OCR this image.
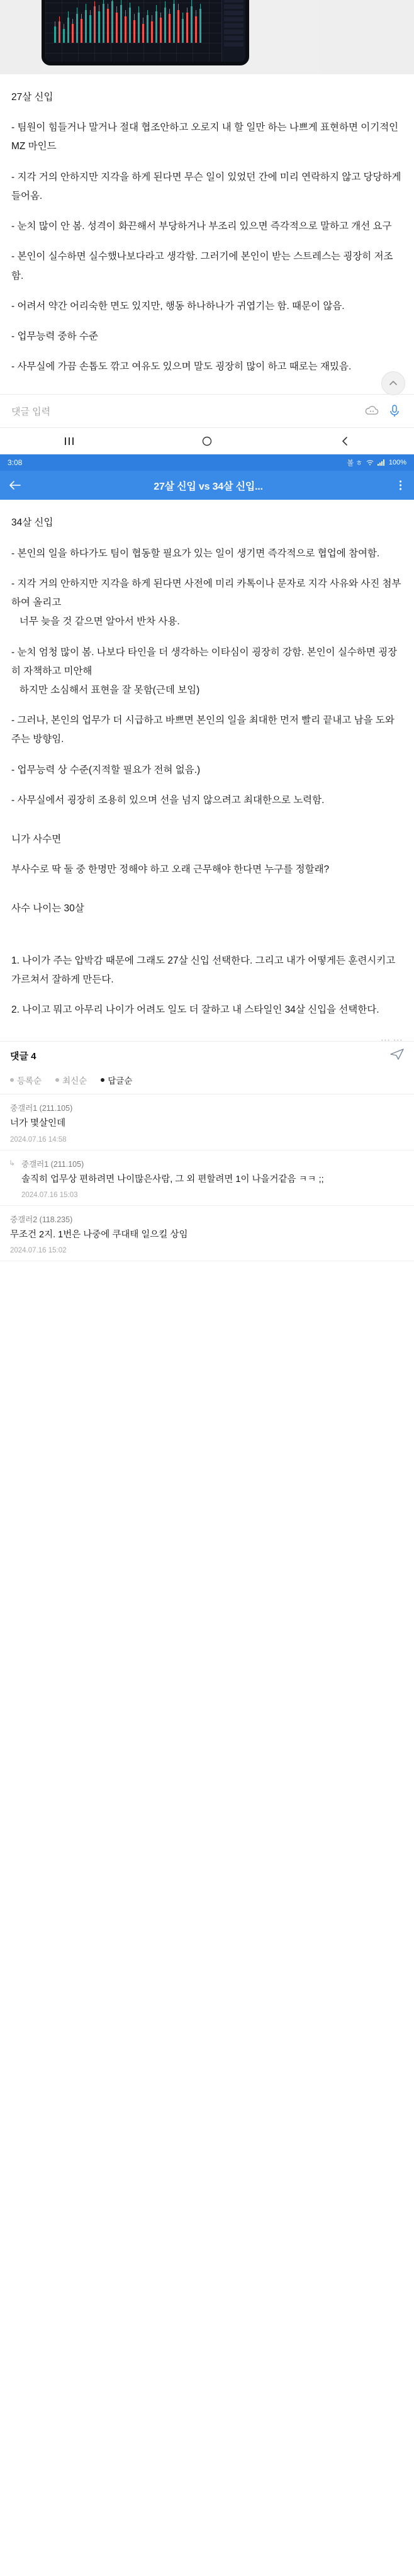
27살 신입

- 팀원이 힘들거나 말거나 절대 협조안하고 오로지 내 할 일만 하는 나쁘게 표현하면 이기적인 MZ 마인드

- 지각 거의 안하지만 지각을 하게 된다면 무슨 일이 있었던 간에 미리 연락하지 않고 당당하게 들어옴.

- 눈치 많이 안 봄. 성격이 화끈해서 부당하거나 부조리 있으면 즉각적으로 말하고 개선 요구

- 본인이 실수하면 실수했나보다라고 생각함. 그러기에 본인이 받는 스트레스는 굉장히 저조함.

- 어려서 약간 어리숙한 면도 있지만, 행동 하나하나가 귀엽기는 함. 때문이 않음.

- 업무능력 중하 수준

- 사무실에 가끔 손톱도 깎고 여유도 있으며 말도 굉장히 많이 하고 때로는 재밌음.

댓글 입력
3:08	볼 ㅎ	100%
27살 신입 vs 34살 신입...

34살 신입

- 본인의 일을 하다가도 팀이 협동할 필요가 있는 일이 생기면 즉각적으로 협업에 참여함.

- 지각 거의 안하지만 지각을 하게 된다면 사전에 미리 카톡이나 문자로 지각 사유와 사진 첨부하여 올리고

너무 늦을 것 같으면 알아서 반차 사용.

- 눈치 엄청 많이 봄. 나보다 타인을 더 생각하는 이타심이 굉장히 강함. 본인이 실수하면 굉장히 자책하고 미안해

하지만 소심해서 표현을 잘 못함(근데 보임)

- 그러나, 본인의 업무가 더 시급하고 바쁘면 본인의 일을 최대한 먼저 빨리 끝내고 남을 도와주는 방향임.

- 업무능력 상 수준(지적할 필요가 전혀 없음.)

- 사무실에서 굉장히 조용히 있으며 선을 넘지 않으려고 최대한으로 노력함.

니가 사수면

부사수로 딱 둘 중 한명만 정해야 하고 오래 근무해야 한다면 누구를 정할래?

사수 나이는 30살

1. 나이가 주는 압박감 때문에 그래도 27살 신입 선택한다. 그리고 내가 어떻게든 훈련시키고 가르쳐서 잘하게 만든다.

2. 나이고 뭐고 아무리 나이가 어려도 일도 더 잘하고 내 스타일인 34살 신입을 선택한다.

··· ···

댓글 4
등록순 최신순 답글순
중갤러1 (211.105)
너가 몇살인데
2024.07.16 14:58
↳ 중갤러1 (211.105)
솔직히 업무상 편하려면 나이많은사람, 그 외 편할려면 1이 나을거같음 ㅋㅋ ;;
2024.07.16 15:03
중갤러2 (118.235)
무조건 2지. 1번은 나중에 쿠대태 일으킬 상임
2024.07.16 15:02
